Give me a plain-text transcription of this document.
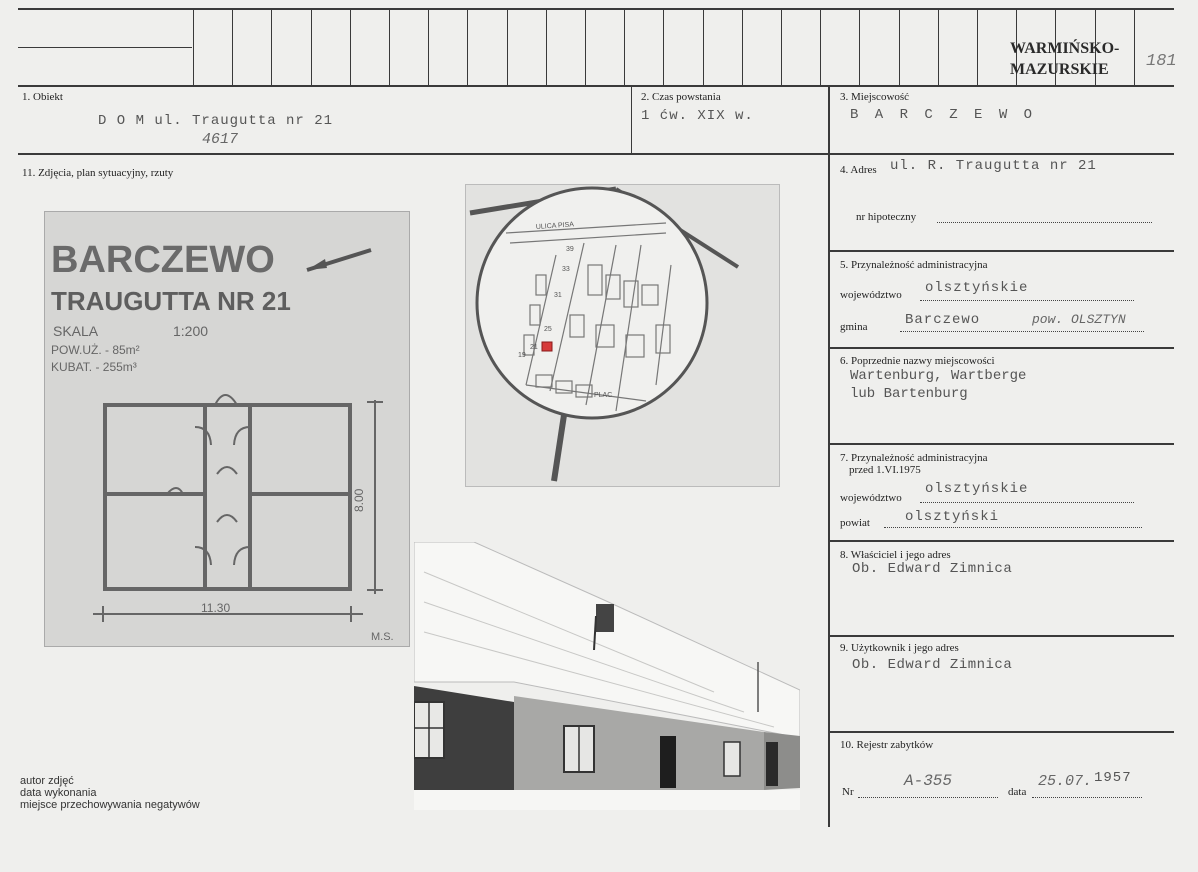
WARMIŃSKO-
MAZURSKIE	181
1. Obiekt
D O M ul. Traugutta nr 21
4617
2. Czas powstania
1 ćw. XIX w.
3. Miejscowość
B A R C Z E W O
11. Zdjęcia, plan sytuacyjny, rzuty
BARCZEWO
TRAUGUTTA NR 21
SKALA	1:200
POW.UŻ. - 85m²
KUBAT. - 255m³
11.30
8.00
M.S.
ULICA PISA
PLAC
39
33
31
25
21
19
autor zdjęć
data wykonania
miejsce przechowywania negatywów
4. Adres ul. R. Traugutta nr 21
nr hipoteczny
5. Przynależność administracyjna
województwo olsztyńskie
gmina	Barczewo	pow. OLSZTYN
6. Poprzednie nazwy miejscowości
Wartenburg, Wartberge
lub Bartenburg
7. Przynależność administracyjna
przed 1.VI.1975
województwo
olsztyńskie
powiat	olsztyński
8. Właściciel i jego adres
Ob. Edward Zimnica
9. Użytkownik i jego adres
Ob. Edward Zimnica
10. Rejestr zabytków
Nr
A-355
data
25.07. 1957
